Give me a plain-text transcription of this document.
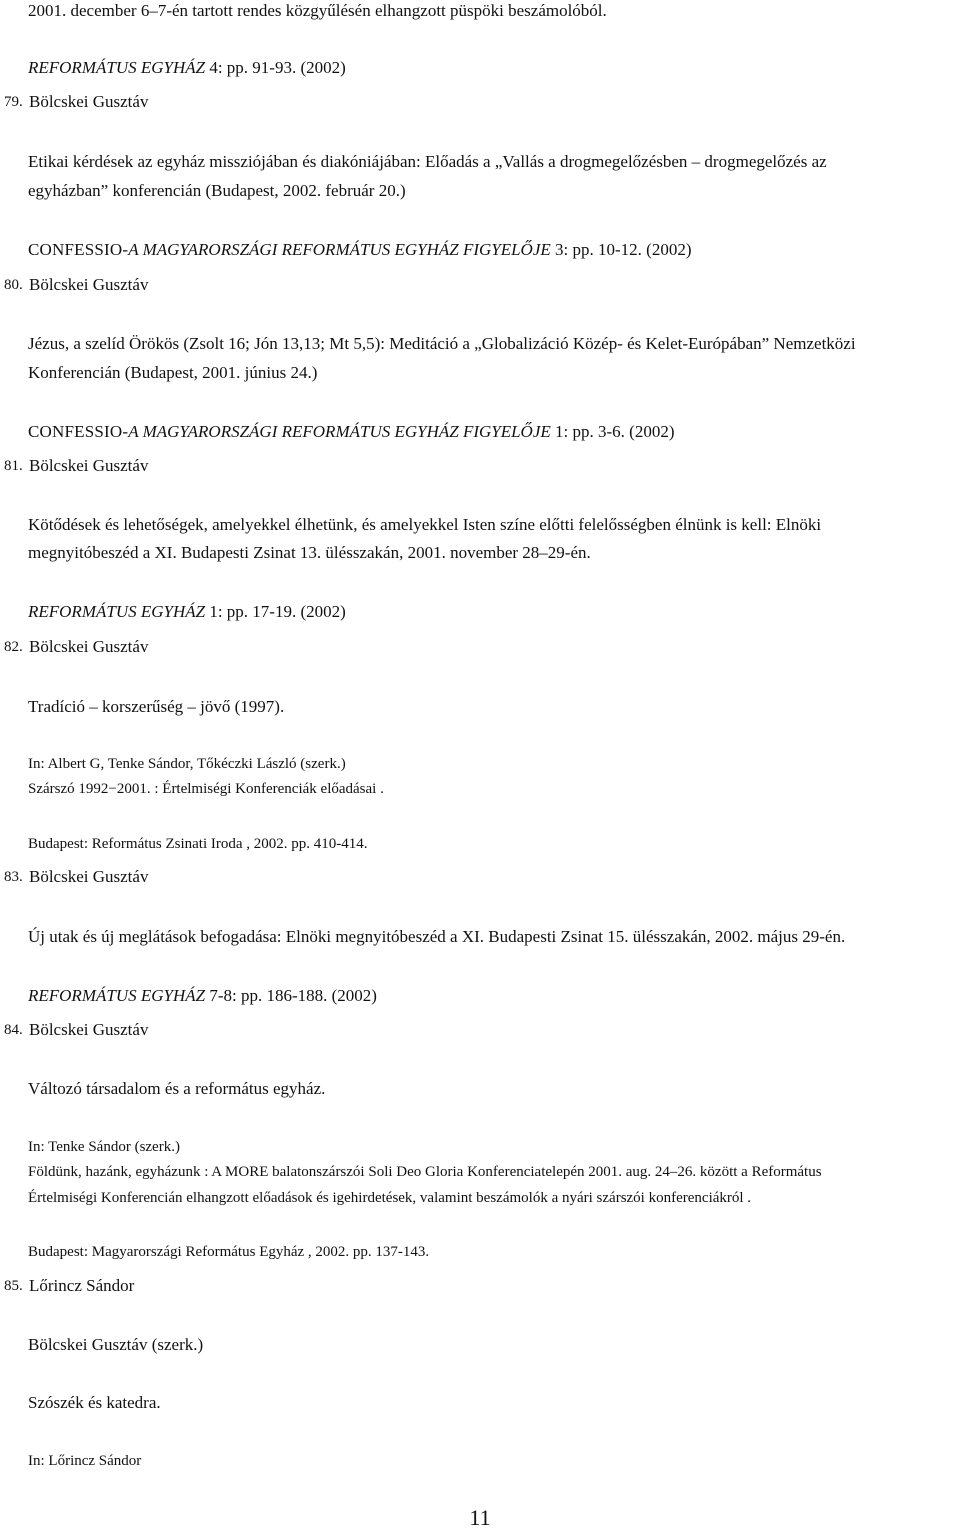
2001. december 6–7-én tartott rendes közgyűlésén elhangzott püspöki beszámolóból.
REFORMÁTUS EGYHÁZ 4: pp. 91-93. (2002)
79. Bölcskei Gusztáv
Etikai kérdések az egyház missziójában és diakóniájában: Előadás a „Vallás a drogmegelőzésben – drogmegelőzés az
egyházban” konferencián (Budapest, 2002. február 20.)
CONFESSIO-A MAGYARORSZÁGI REFORMÁTUS EGYHÁZ FIGYELŐJE 3: pp. 10-12. (2002)
80. Bölcskei Gusztáv
Jézus, a szelíd Örökös (Zsolt 16; Jón 13,13; Mt 5,5): Meditáció a „Globalizáció Közép- és Kelet-Európában” Nemzetközi
Konferencián (Budapest, 2001. június 24.)
CONFESSIO-A MAGYARORSZÁGI REFORMÁTUS EGYHÁZ FIGYELŐJE 1: pp. 3-6. (2002)
81. Bölcskei Gusztáv
Kötődések és lehetőségek, amelyekkel élhetünk, és amelyekkel Isten színe előtti felelősségben élnünk is kell: Elnöki
megnyitóbeszéd a XI. Budapesti Zsinat 13. ülésszakán, 2001. november 28–29-én.
REFORMÁTUS EGYHÁZ 1: pp. 17-19. (2002)
82. Bölcskei Gusztáv
Tradíció – korszerűség – jövő (1997).
In: Albert G, Tenke Sándor, Tőkéczki László (szerk.)
Szárszó 1992−2001. : Értelmiségi Konferenciák előadásai .
Budapest: Református Zsinati Iroda , 2002. pp. 410-414.
83. Bölcskei Gusztáv
Új utak és új meglátások befogadása: Elnöki megnyitóbeszéd a XI. Budapesti Zsinat 15. ülésszakán, 2002. május 29-én.
REFORMÁTUS EGYHÁZ 7-8: pp. 186-188. (2002)
84. Bölcskei Gusztáv
Változó társadalom és a református egyház.
In: Tenke Sándor (szerk.)
Földünk, hazánk, egyházunk : A MORE balatonszárszói Soli Deo Gloria Konferenciatelepén 2001. aug. 24–26. között a Református
Értelmiségi Konferencián elhangzott előadások és igehirdetések, valamint beszámolók a nyári szárszói konferenciákról .
Budapest: Magyarországi Református Egyház , 2002. pp. 137-143.
85. Lőrincz Sándor
Bölcskei Gusztáv (szerk.)
Szószék és katedra.
In: Lőrincz Sándor
11
